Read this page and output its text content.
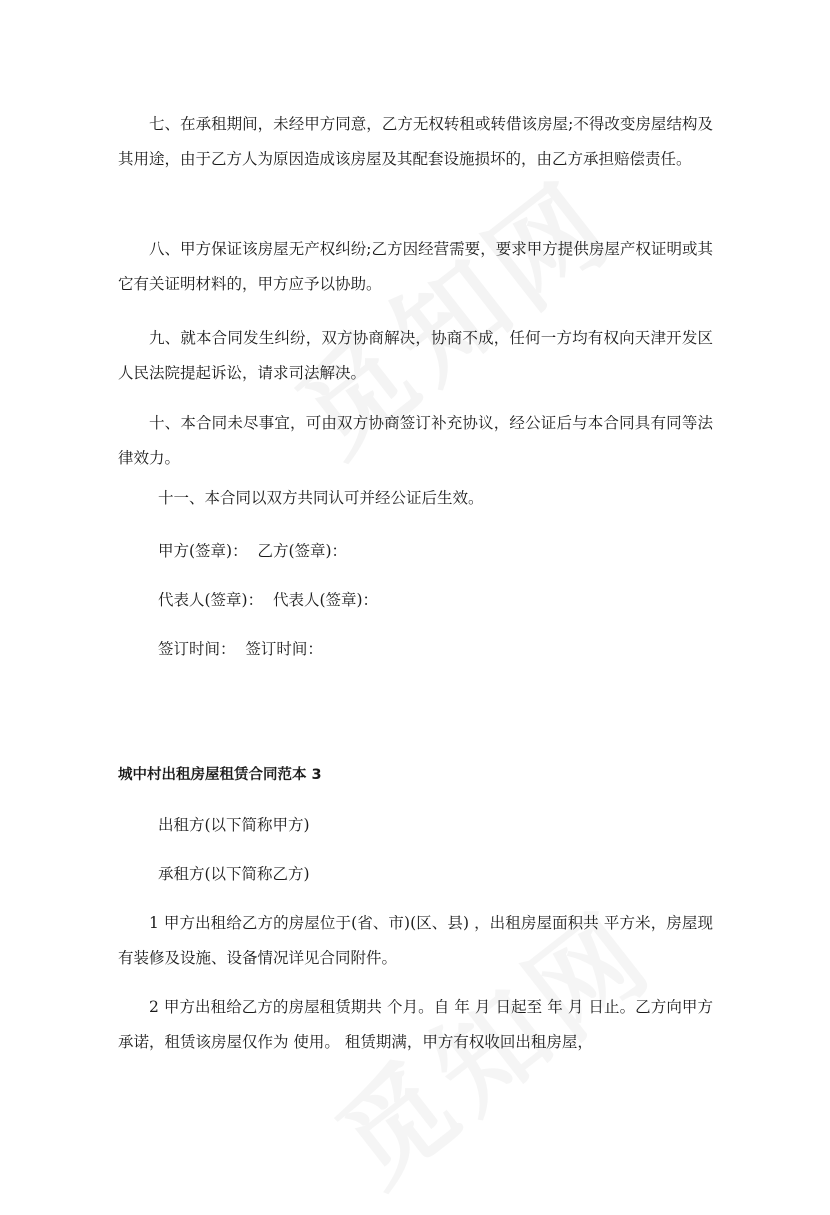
七、在承租期间，未经甲方同意，乙方无权转租或转借该房屋;不得改变房屋结构及其用途，由于乙方人为原因造成该房屋及其配套设施损坏的，由乙方承担赔偿责任。

八、甲方保证该房屋无产权纠纷;乙方因经营需要，要求甲方提供房屋产权证明或其它有关证明材料的，甲方应予以协助。

九、就本合同发生纠纷，双方协商解决，协商不成，任何一方均有权向天津开发区人民法院提起诉讼，请求司法解决。

十、本合同未尽事宜，可由双方协商签订补充协议，经公证后与本合同具有同等法律效力。

十一、本合同以双方共同认可并经公证后生效。

甲方(签章)：  乙方(签章)：

代表人(签章)：  代表人(签章)：

签订时间：  签订时间：

城中村出租房屋租赁合同范本 3

出租方(以下简称甲方)

承租方(以下简称乙方)

1 甲方出租给乙方的房屋位于(省、市)(区、县) ，出租房屋面积共 平方米，房屋现有装修及设施、设备情况详见合同附件。

2 甲方出租给乙方的房屋租赁期共 个月。自 年 月 日起至 年 月 日止。乙方向甲方承诺，租赁该房屋仅作为 使用。 租赁期满，甲方有权收回出租房屋，
